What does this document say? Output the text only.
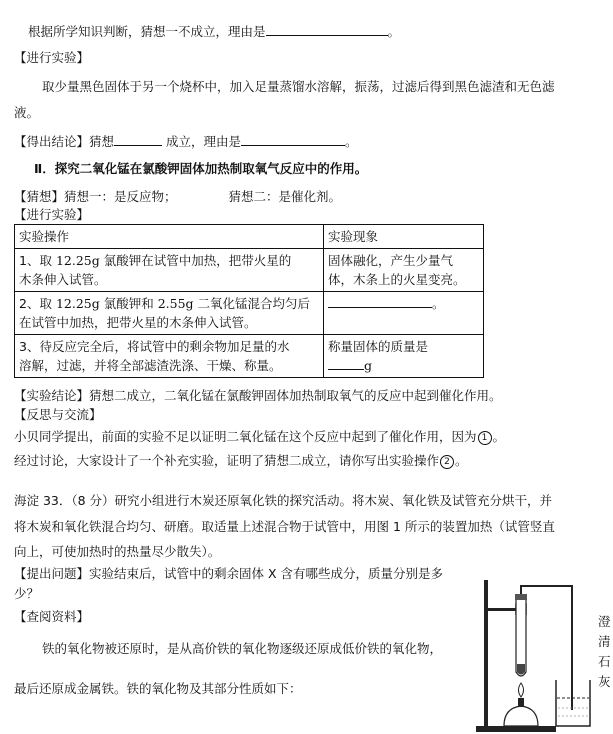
根据所学知识判断，猜想一不成立，理由是	。
【进行实验】
取少量黑色固体于另一个烧杯中，加入足量蒸馏水溶解，振荡，过滤后得到黑色滤渣和无色滤
液。
【得出结论】猜想	成立，理由是	。
Ⅱ．探究二氧化锰在氯酸钾固体加热制取氧气反应中的作用。
【猜想】猜想一：是反应物；	猜想二：是催化剂。
【进行实验】
实验操作	实验现象
1、取 12.25g 氯酸钾在试管中加热，把带火星的
木条伸入试管。	固体融化，产生少量气
体，木条上的火星变亮。
2、取 12.25g 氯酸钾和 2.55g 二氧化锰混合均匀后
在试管中加热，把带火星的木条伸入试管。	。
3、待反应完全后，将试管中的剩余物加足量的水
溶解，过滤，并将全部滤渣洗涤、干燥、称量。	称量固体的质量是
g
【实验结论】猜想二成立，二氧化锰在氯酸钾固体加热制取氧气的反应中起到催化作用。
【反思与交流】
小贝同学提出，前面的实验不足以证明二氧化锰在这个反应中起到了催化作用，因为 1 。
经过讨论，大家设计了一个补充实验，证明了猜想二成立，请你写出实验操作 2 。
海淀 33．（8 分）研究小组进行木炭还原氧化铁的探究活动。将木炭、氧化铁及试管充分烘干，并
将木炭和氧化铁混合均匀、研磨。取适量上述混合物于试管中，用图 1 所示的装置加热（试管竖直
向上，可使加热时的热量尽少散失）。
【提出问题】实验结束后，试管中的剩余固体 X 含有哪些成分，质量分别是多
少？
【查阅资料】
铁的氧化物被还原时，是从高价铁的氧化物逐级还原成低价铁的氧化物，
最后还原成金属铁。铁的氧化物及其部分性质如下：
澄
清
石
灰
